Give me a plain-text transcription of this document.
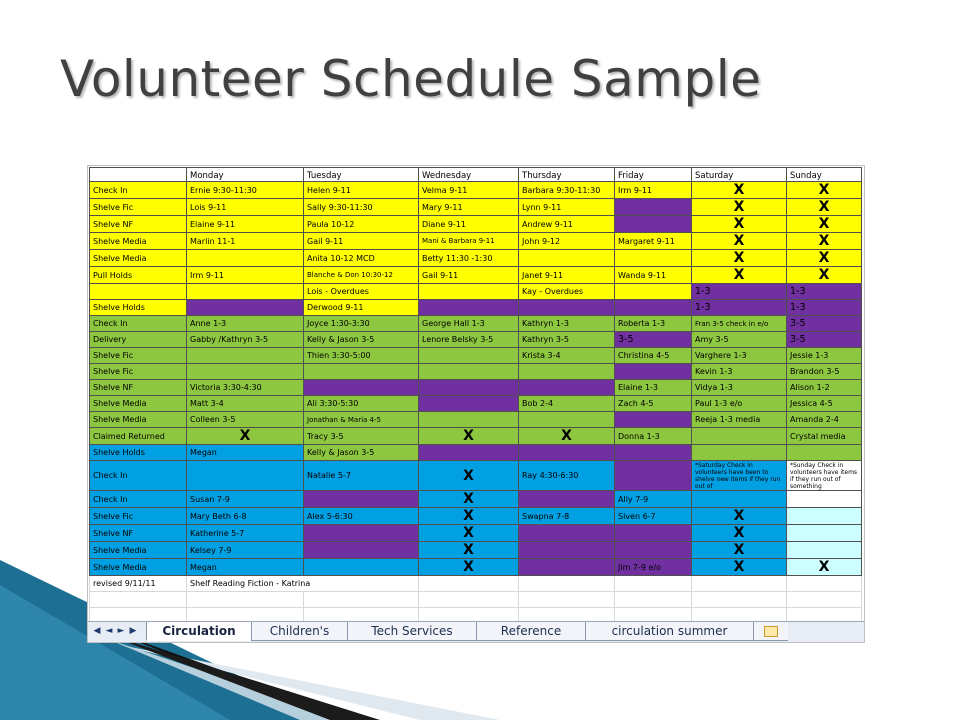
Volunteer Schedule Sample
	Monday	Tuesday	Wednesday	Thursday	Friday	Saturday	Sunday
Check In	Ernie 9:30-11:30	Helen 9-11	Velma 9-11	Barbara 9:30-11:30	Irm 9-11	X	X
Shelve Fic	Lois 9-11	Sally 9:30-11:30	Mary 9-11	Lynn 9-11		X	X
Shelve NF	Elaine 9-11	Paula 10-12	Diane 9-11	Andrew 9-11		X	X
Shelve Media	Marlin 11-1	Gail 9-11	Mani & Barbara 9-11	John 9-12	Margaret 9-11	X	X
Shelve Media		Anita 10-12 MCD	Betty 11:30 -1:30			X	X
Pull Holds	Irm 9-11	Blanche & Don 10:30-12	Gail 9-11	Janet 9-11	Wanda 9-11	X	X
		Lois - Overdues		Kay - Overdues		1-3	1-3
Shelve Holds		Derwood 9-11				1-3	1-3
Check In	Anne 1-3	Joyce 1:30-3:30	George Hall 1-3	Kathryn 1-3	Roberta 1-3	Fran 3-5 check in e/o	3-5
Delivery	Gabby /Kathryn 3-5	Kelly & Jason 3-5	Lenore Belsky 3-5	Kathryn 3-5	3-5	Amy 3-5	3-5
Shelve Fic		Thien 3:30-5:00		Krista 3-4	Christina 4-5	Varghere 1-3	Jessie 1-3
Shelve Fic						Kevin 1-3	Brandon 3-5
Shelve NF	Victoria 3:30-4:30				Elaine 1-3	Vidya 1-3	Alison 1-2
Shelve Media	Matt 3-4	Ali 3:30-5:30		Bob 2-4	Zach 4-5	Paul 1-3 e/o	Jessica 4-5
Shelve Media	Colleen 3-5	Jonathan & Maria 4-5				Reeja 1-3 media	Amanda 2-4
Claimed Returned	X	Tracy 3-5	X	X	Donna 1-3		Crystal media
Shelve Holds	Megan	Kelly & Jason 3-5					
Check In		Natalie 5-7	X	Ray 4:30-6:30		*Saturday Check in volunteers have been to shelve new items if they run out of	*Sunday Check in volunteers have items if they run out of something
Check In	Susan 7-9		X		Ally 7-9		
Shelve Fic	Mary Beth 6-8	Alex 5-6:30	X	Swapna 7-8	Siven 6-7	X	
Shelve NF	Katherine 5-7		X			X	
Shelve Media	Kelsey 7-9		X			X	
Shelve Media	Megan		X		Jim 7-9 e/o	X	X
revised 9/11/11	Shelf Reading Fiction - Katrina						

◀ ◄ ► ▶	Circulation	Children's	Tech Services	Reference	circulation summer
